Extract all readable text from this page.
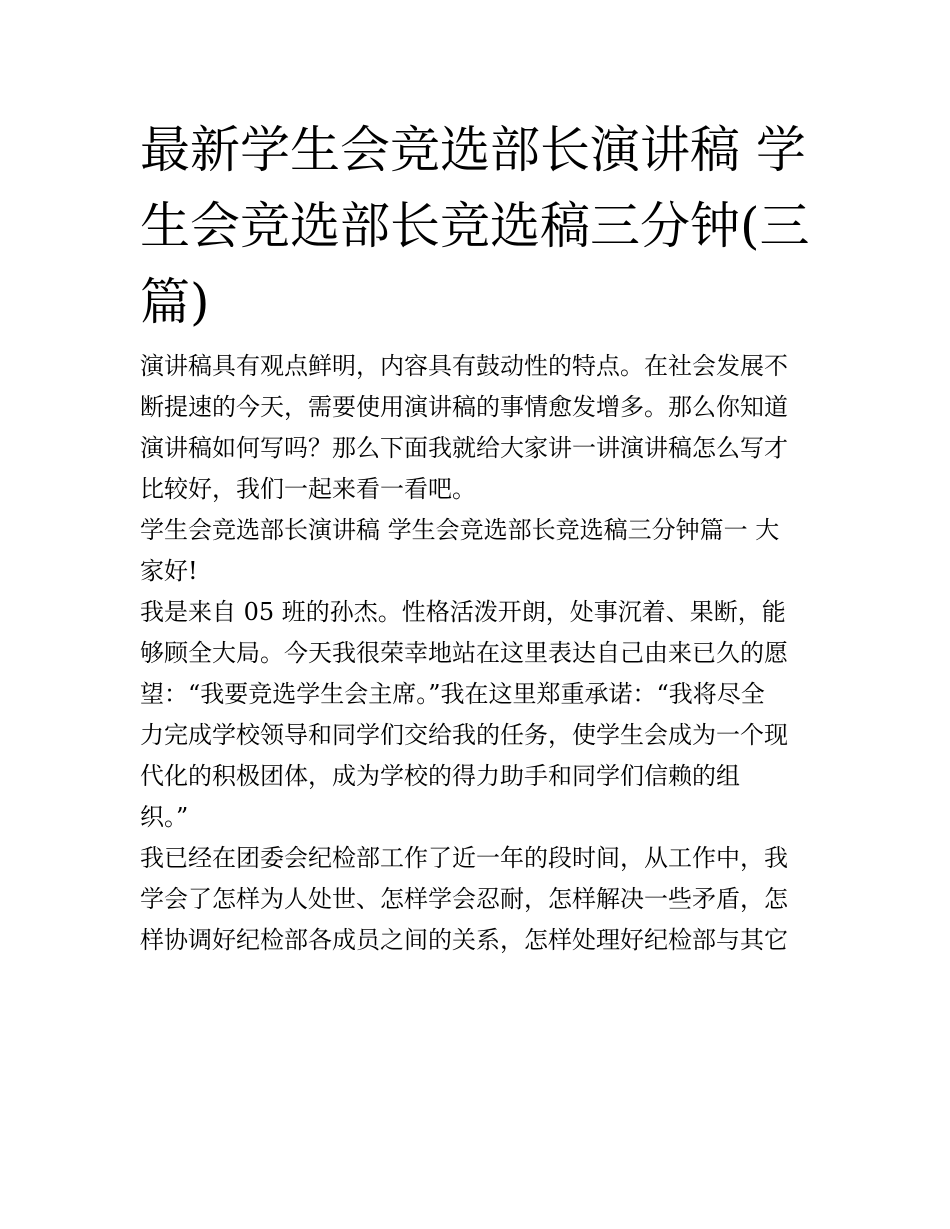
最新学生会竞选部长演讲稿 学
生会竞选部长竞选稿三分钟(三
篇)
演讲稿具有观点鲜明，内容具有鼓动性的特点。在社会发展不
断提速的今天，需要使用演讲稿的事情愈发增多。那么你知道
演讲稿如何写吗？那么下面我就给大家讲一讲演讲稿怎么写才
比较好，我们一起来看一看吧。
学生会竞选部长演讲稿 学生会竞选部长竞选稿三分钟篇一 大
家好!
我是来自 05 班的孙杰。性格活泼开朗，处事沉着、果断，能
够顾全大局。今天我很荣幸地站在这里表达自己由来已久的愿
望：“我要竞选学生会主席。”我在这里郑重承诺：“我将尽全
力完成学校领导和同学们交给我的任务，使学生会成为一个现
代化的积极团体，成为学校的得力助手和同学们信赖的组
织。”
我已经在团委会纪检部工作了近一年的段时间，从工作中，我
学会了怎样为人处世、怎样学会忍耐，怎样解决一些矛盾，怎
样协调好纪检部各成员之间的关系，怎样处理好纪检部与其它
